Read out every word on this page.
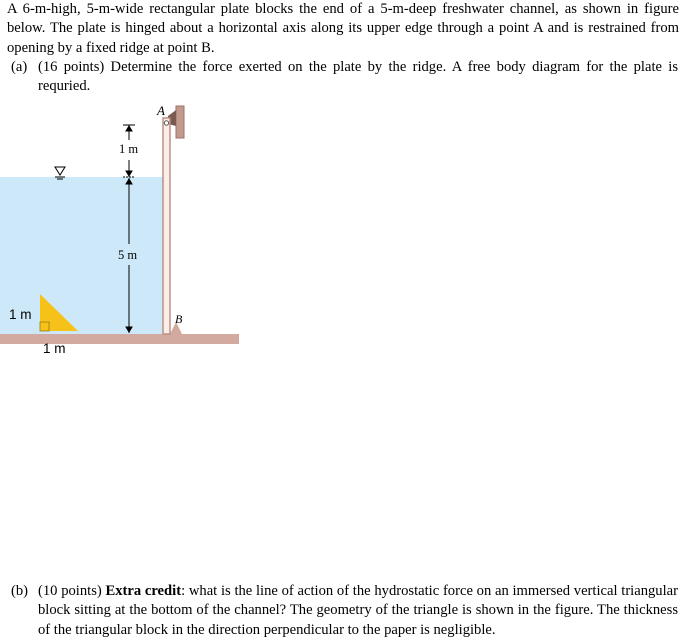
A 6-m-high, 5-m-wide rectangular plate blocks the end of a 5-m-deep freshwater channel, as shown in figure below. The plate is hinged about a horizontal axis along its upper edge through a point A and is restrained from opening by a fixed ridge at point B.
(a) (16 points) Determine the force exerted on the plate by the ridge. A free body diagram for the plate is requried.
A
B
1 m
5 m
1 m
1 m
(b) (10 points) Extra credit: what is the line of action of the hydrostatic force on an immersed vertical triangular block sitting at the bottom of the channel? The geometry of the triangle is shown in the figure. The thickness of the triangular block in the direction perpendicular to the paper is negligible.
